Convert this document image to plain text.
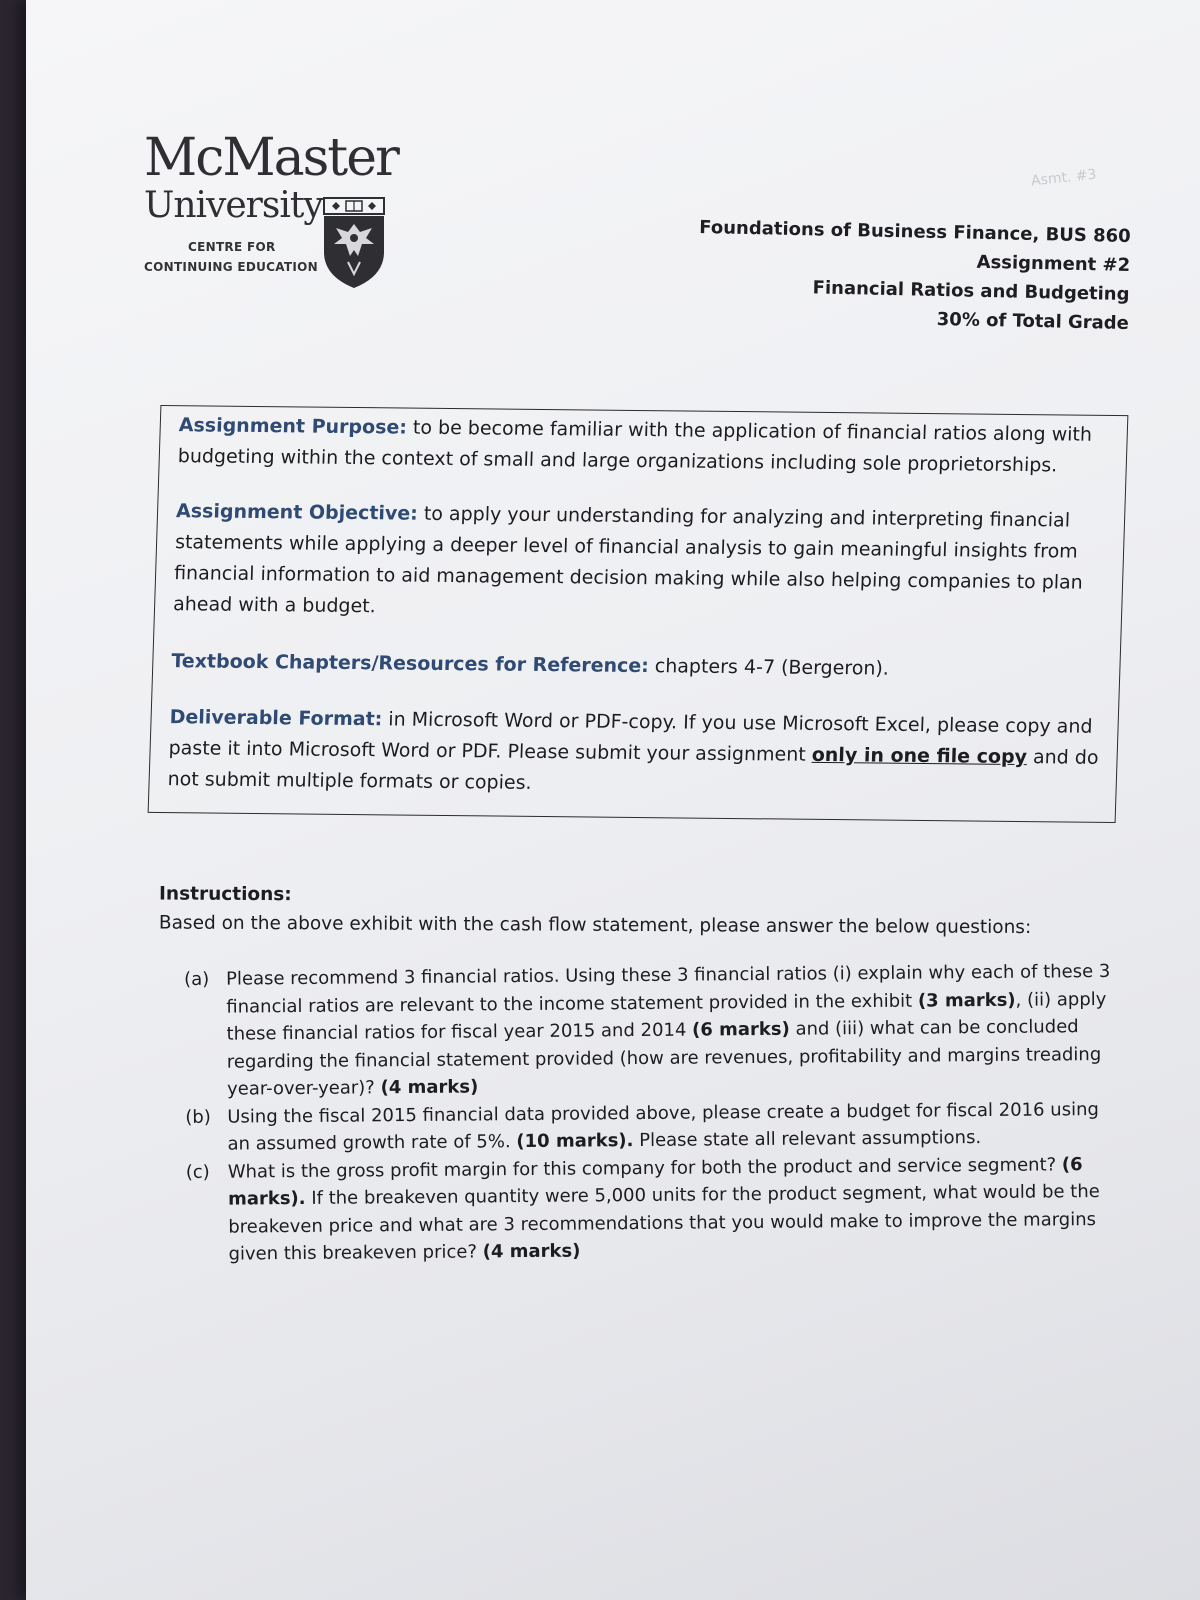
McMaster
University
CENTRE FOR
CONTINUING EDUCATION
Asmt. #3
Foundations of Business Finance, BUS 860
Assignment #2
Financial Ratios and Budgeting
30% of Total Grade

Assignment Purpose: to be become familiar with the application of financial ratios along with budgeting within the context of small and large organizations including sole proprietorships.

Assignment Objective: to apply your understanding for analyzing and interpreting financial statements while applying a deeper level of financial analysis to gain meaningful insights from financial information to aid management decision making while also helping companies to plan ahead with a budget.

Textbook Chapters/Resources for Reference: chapters 4-7 (Bergeron).

Deliverable Format: in Microsoft Word or PDF-copy. If you use Microsoft Excel, please copy and paste it into Microsoft Word or PDF. Please submit your assignment only in one file copy and do not submit multiple formats or copies.

Instructions:
Based on the above exhibit with the cash flow statement, please answer the below questions:
(a) Please recommend 3 financial ratios. Using these 3 financial ratios (i) explain why each of these 3 financial ratios are relevant to the income statement provided in the exhibit (3 marks), (ii) apply these financial ratios for fiscal year 2015 and 2014 (6 marks) and (iii) what can be concluded regarding the financial statement provided (how are revenues, profitability and margins treading year-over-year)? (4 marks)
(b) Using the fiscal 2015 financial data provided above, please create a budget for fiscal 2016 using an assumed growth rate of 5%. (10 marks). Please state all relevant assumptions.
(c) What is the gross profit margin for this company for both the product and service segment? (6 marks). If the breakeven quantity were 5,000 units for the product segment, what would be the breakeven price and what are 3 recommendations that you would make to improve the margins given this breakeven price? (4 marks)
